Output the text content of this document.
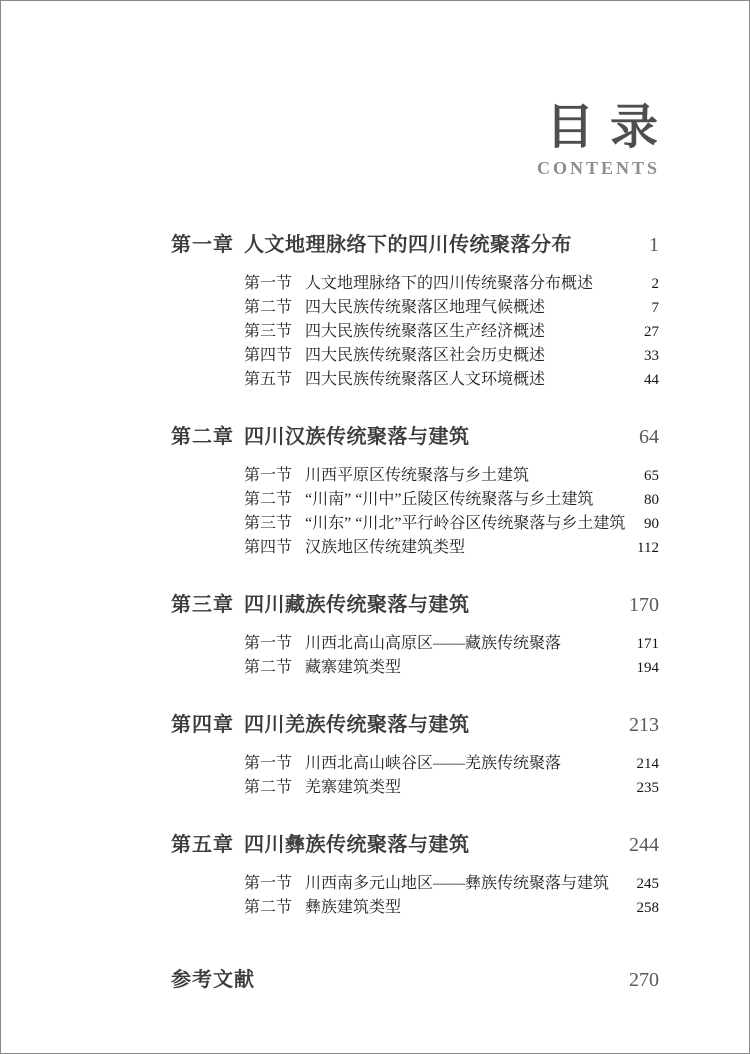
目 录
CONTENTS
第一章 人文地理脉络下的四川传统聚落分布	1
第一节 人文地理脉络下的四川传统聚落分布概述	2
第二节 四大民族传统聚落区地理气候概述	7
第三节 四大民族传统聚落区生产经济概述	27
第四节 四大民族传统聚落区社会历史概述	33
第五节 四大民族传统聚落区人文环境概述	44
第二章 四川汉族传统聚落与建筑	64
第一节 川西平原区传统聚落与乡土建筑	65
第二节 “川南” “川中”丘陵区传统聚落与乡土建筑	80
第三节 “川东” “川北”平行岭谷区传统聚落与乡土建筑	90
第四节 汉族地区传统建筑类型	112
第三章 四川藏族传统聚落与建筑	170
第一节 川西北高山高原区——藏族传统聚落	171
第二节 藏寨建筑类型	194
第四章 四川羌族传统聚落与建筑	213
第一节 川西北高山峡谷区——羌族传统聚落	214
第二节 羌寨建筑类型	235
第五章 四川彝族传统聚落与建筑	244
第一节 川西南多元山地区——彝族传统聚落与建筑	245
第二节 彝族建筑类型	258
参考文献	270
